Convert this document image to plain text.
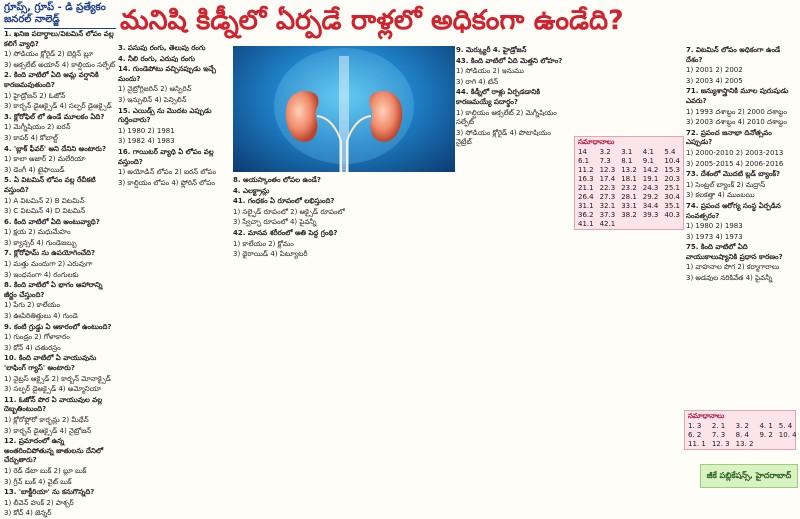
గ్రూప్స్, గ్రూప్ - డి ప్రత్యేకం
జనరల్ నాలెడ్జ్	మనిషి కిడ్నీలో ఏర్పడే రాళ్లలో అధికంగా ఉండేది?
1. ఖనిజ పదార్థాలు/విటమిన్ లోపం వల్ల కలిగే వ్యాధి?
1) సోడియం క్లోరైడ్ 2) బెర్లిన్ బ్లూ
3) ఆక్సలేట్ అయాన్ 4) కాల్షియం సల్ఫేట్
2. కింది వాటిలో ఏది ఆమ్ల వర్షానికి కారణమవుతుంది?
1) హైడ్రోజన్ 2) ఓజోన్
3) కార్బన్ డైఆక్సైడ్ 4) సల్ఫర్ డైఆక్సైడ్
3. క్లోరోఫిల్ లో ఉండే మూలకం ఏది?
1) మెగ్నీషియం 2) ఐరన్
3) కాపర్ 4) కోబాల్ట్
4. 'బ్లాక్ ఫీవర్' అని దేనిని అంటారు?
1) కాలా అజార్ 2) మలేరియా
3) డెంగీ 4) టైఫాయిడ్
5. ఏ విటమిన్ లోపం వల్ల రేచీకటి వస్తుంది?
1) A విటమిన్ 2) B విటమిన్
3) C విటమిన్ 4) D విటమిన్
6. కింది వాటిలో ఏది అంటువ్యాధి?
1) క్షయ 2) మధుమేహం
3) క్యాన్సర్ 4) గుండెజబ్బు
7. క్లోరోఫామ్ ను ఉపయోగించేది?
1) మత్తు మందుగా 2) ఎరువుగా
3) ఇంధనంగా 4) రంగులకు
8. కింది వాటిలో ఏ భాగం ఆహారాన్ని జీర్ణం చేస్తుంది?
1) పేగు 2) కాలేయం
3) ఊపిరితిత్తులు 4) గుండె
9. కంటి గ్రుడ్డు ఏ ఆకారంలో ఉంటుంది?
1) గుండ్రం 2) గోళాకారం
3) కోన్ 4) చతురస్రం
10. కింది వాటిలో ఏ వాయువును 'లాఫింగ్ గ్యాస్' అంటారు?
1) నైట్రస్ ఆక్సైడ్ 2) కార్బన్ మోనాక్సైడ్
3) సల్ఫర్ డైఆక్సైడ్ 4) అమ్మోనియా
11. ఓజోన్ పొర ఏ వాయువుల వల్ల దెబ్బతింటుంది?
1) క్లోరోఫ్లోరో కార్బన్లు 2) మీథేన్
3) కార్బన్ డైఆక్సైడ్ 4) నైట్రోజన్
12. ప్రమాదంలో ఉన్న అంతరించిపోతున్న జాతులను దేనిలో చేర్చుతారు?
1) రెడ్ డేటా బుక్ 2) బ్లూ బుక్
3) గ్రీన్ బుక్ 4) వైట్ బుక్
13. 'బాక్టీరియా' ను కనుగొన్నది?
1) లీవెన్ హుక్ 2) పాశ్చర్
3) కోచ్ 4) జెన్నర్
3. పసుపు రంగు, తెలుపు రంగు
4. నీలి రంగు, ఎరుపు రంగు
14. గుండెపోటు వచ్చినప్పుడు ఇచ్చే మందు?
1) నైట్రోగ్లిజరిన్ 2) ఆస్పిరిన్
3) ఇన్సులిన్ 4) పెన్సిలిన్
15. ఎయిడ్స్ ను మొదట ఎప్పుడు గుర్తించారు?
1) 1980 2) 1981
3) 1982 4) 1983
16. గాయిటర్ వ్యాధి ఏ లోపం వల్ల వస్తుంది?
1) అయోడిన్ లోపం 2) ఐరన్ లోపం
3) కాల్షియం లోపం 4) ఫ్లోరిన్ లోపం	8. అయస్కాంతం లోపల ఉండే?
4. ఎలక్ట్రాన్లు
41. గంధకం ఏ రూపంలో లభిస్తుంది?
1) సల్ఫైడ్ రూపంలో 2) ఆక్సైడ్ రూపంలో
3) స్వేచ్ఛా రూపంలో 4) పైవన్నీ
42. మానవ శరీరంలో అతి పెద్ద గ్రంథి?
1) కాలేయం 2) క్లోమం
3) థైరాయిడ్ 4) పిట్యూటరీ
9. మెర్క్యురీ 4. హైడ్రోజన్
43. కింది వాటిలో ఏది మెత్తని లోహం?
1) సోడియం 2) ఇనుము
3) రాగి 4) టిన్
44. కిడ్నీలో రాళ్లు ఏర్పడడానికి కారణమయ్యే పదార్థం?
1) కాల్షియం ఆక్సలేట్ 2) మెగ్నీషియం సల్ఫేట్
3) సోడియం క్లోరైడ్ 4) పొటాషియం నైట్రేట్	సమాధానాలు
14	3.2	3.1	4.1	5.4
6.1	7.3	8.1	9.1	10.4
11.2	12.3	13.2	14.2	15.3
16.3	17.4	18.1	19.1	20.3
21.1	22.3	23.2	24.3	25.1
26.4	27.3	28.1	29.2	30.4
31.1	32.1	33.1	34.4	35.1
36.2	37.3	38.2	39.3	40.3
41.1	42.1			
సమాధానాలు
1. 3	2. 1	3. 2	4. 1	5. 4
6. 2	7. 3	8. 4	9. 2	10. 4
11. 1	12. 3	13. 2		
7. విటమిన్ లోపం అధికంగా ఉండే దేశం?
1) 2001 2) 2002
3) 2003 4) 2005
71. జన్యుశాస్త్రానికి మూల పురుషుడు ఎవరు?
1) 1993 దశాబ్దం 2) 2000 దశాబ్దం
3) 2003 దశాబ్దం 4) 2010 దశాబ్దం
72. ప్రపంచ జనాభా దినోత్సవం ఎప్పుడు?
1) 2000-2010 2) 2003-2013
3) 2005-2015 4) 2006-2016
73. దేశంలో మొదటి బ్లడ్ బ్యాంక్?
1) సెంట్రల్ బ్యాంక్ 2) మద్రాస్
3) కలకత్తా 4) ముంబయి
74. ప్రపంచ ఆరోగ్య సంస్థ ఏర్పడిన సంవత్సరం?
1) 1980 2) 1983
3) 1973 4) 1973
75. కింది వాటిలో ఏది వాయుకాలుష్యానికి ప్రధాన కారణం?
1) వాహనాల పొగ 2) కర్మాగారాలు
3) అడవుల నరికివేత 4) పైవన్నీ
జీకే పబ్లికేషన్స్, హైదరాబాద్
